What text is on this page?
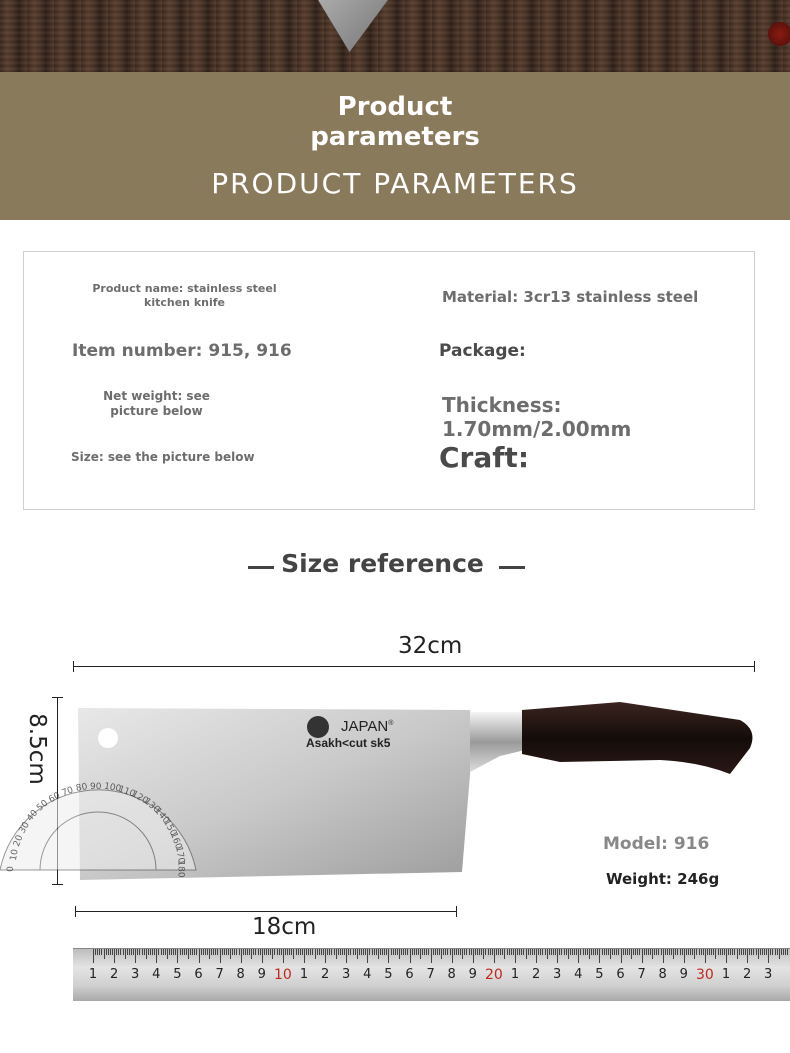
Product
parameters
PRODUCT PARAMETERS
Product name: stainless steel kitchen knife	Material: 3cr13 stainless steel
Item number: 915, 916	Package:
Net weight: see picture below	Thickness: 1.70mm/2.00mm
Size: see the picture below	Craft:
Size reference
32cm
8.5cm	JAPAN®
Asakh<cut sk5
0
10
20
30
40
50
60
70 80 90 100
110
120
130
140
150
160
170
180
Model: 916
Weight: 246g
18cm
1 2 3 4 5 6 7 8 9 10 1 2 3 4 5 6 7 8 9 20 1 2 3 4 5 6 7 8 9 30 1 2 3
